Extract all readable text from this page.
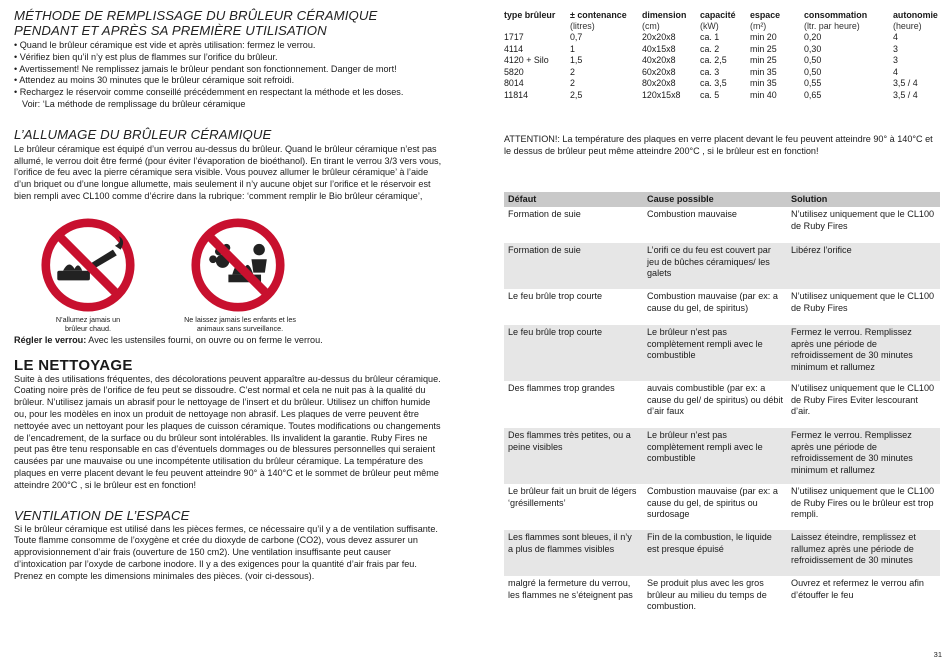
MÉTHODE DE REMPLISSAGE DU BRÛLEUR CÉRAMIQUE PENDANT ET APRÈS SA PREMIÈRE UTILISATION
• Quand le brûleur céramique est vide et après utilisation: fermez le verrou.
• Vérifiez bien qu’il n’y est plus de flammes sur l’orifice du brûleur.
• Avertissement! Ne remplissez jamais le brûleur pendant son fonctionnement. Danger de mort!
• Attendez au moins 30 minutes que le brûleur céramique soit refroidi.
• Rechargez le réservoir comme conseillé précédemment en respectant la méthode et les doses.

Voir: ‘La méthode de remplissage du brûleur céramique

L’ALLUMAGE DU BRÛLEUR CÉRAMIQUE

Le brûleur céramique est équipé d’un verrou au-dessus du brûleur. Quand le brûleur céramique n’est pas allumé, le verrou doit être fermé (pour éviter l’évaporation de bioéthanol). En tirant le verrou 3/3 vers vous, l’orifice de feu avec la pierre céramique sera visible. Vous pouvez allumer le brûleur céramique’ à l’aide d’un briquet ou d’une longue allumette, mais seulement il n’y aucune objet sur l’orifice et le réservoir est bien rempli avec CL100 comme d’écrire dans la rubrique: ‘comment remplir le Bio brûleur céramique’,

N’allumez jamais un
brûleur chaud.
Ne laissez jamais les enfants et les
animaux sans surveillance.

Régler le verrou: Avec les ustensiles fourni, on ouvre ou on ferme le verrou.

LE NETTOYAGE

Suite à des utilisations fréquentes, des décolorations peuvent apparaître au-dessus du brûleur céramique. Coating noire près de l’orifice de feu peut se dissoudre. C’est normal et cela ne nuit pas à la qualité du brûleur. N’utilisez jamais un abrasif pour le nettoyage de l’insert et du brûleur. Utilisez un chiffon humide ou, pour les modèles en inox un produit de nettoyage non abrasif. Les plaques de verre peuvent être nettoyée avec un nettoyant pour les plaques de cuisson céramique. Toutes modifications ou changements de l’encadrement, de la surface ou du brûleur sont intolérables. Ils invalident la garantie. Ruby Fires ne peut pas être tenu responsable en cas d’éventuels dommages ou de blessures personnelles qui seraient causées par une mauvaise ou une incompétente utilisation du brûleur céramique. La température des plaques en verre placent devant le feu peuvent atteindre 90° à 140°C et le sommet de brûleur peut même atteindre 200°C , si le brûleur est en fonction!

VENTILATION DE L’ESPACE

Si le brûleur céramique est utilisé dans les pièces fermes, ce nécessaire qu’il y a de ventilation suffisante. Toute flamme consomme de l’oxygène et crée du dioxyde de carbone (CO2), vous devez assurer un approvisionnement d’air frais (ouverture de 150 cm2). Une ventilation insuffisante peut causer d’intoxication par l’oxyde de carbone inodore. Il y a des exigences pour la quantité d’air frais par feu. Prenez en compte les dimensions minimales des pièces. (voir ci-dessous).

type brûleur	± contenance	dimension	capacité	espace	consommation	autonomie
	(litres)	(cm)	(kW)	(m²)	(ltr. par heure)	(heure)
1717	0,7	20x20x8	ca. 1	min 20	0,20	4
4114	1	40x15x8	ca. 2	min 25	0,30	3
4120 + Silo	1,5	40x20x8	ca. 2,5	min 25	0,50	3
5820	2	60x20x8	ca. 3	min 35	0,50	4
8014	2	80x20x8	ca. 3,5	min 35	0,55	3,5 / 4
11814	2,5	120x15x8	ca. 5	min 40	0,65	3,5 / 4

ATTENTION!: La température des plaques en verre placent devant le feu peuvent atteindre 90° à 140°C et le dessus de brûleur peut même atteindre 200°C , si le brûleur est en fonction!

Défaut	Cause possible	Solution
Formation de suie	Combustion mauvaise	N’utilisez uniquement que le CL100 de Ruby Fires
Formation de suie	L’orifi ce du feu est couvert par jeu de bûches céramiques/ les galets	Libérez l’orifice
Le feu brûle trop courte	Combustion mauvaise (par ex: a cause du gel, de spiritus)	N’utilisez uniquement que le CL100 de Ruby Fires
Le feu brûle trop courte	Le brûleur n’est pas complètement rempli avec le combustible	Fermez le verrou. Remplissez après une période de refroidissement de 30 minutes minimum et rallumez
Des flammes trop grandes	auvais combustible (par ex: a cause du gel/ de spiritus) ou débit d’air faux	N’utilisez uniquement que le CL100 de Ruby Fires Eviter lescourant d’air.
Des flammes très petites, ou a peine visibles	Le brûleur n’est pas complètement rempli avec le combustible	Fermez le verrou. Remplissez après une période de refroidissement de 30 minutes minimum et rallumez
Le brûleur fait un bruit de légers ‘grésillements’	Combustion mauvaise (par ex: a cause du gel, de spiritus ou surdosage	N’utilisez uniquement que le CL100 de Ruby Fires ou le brûleur est trop rempli.
Les flammes sont bleues, il n’y a plus de flammes visibles	Fin de la combustion, le liquide est presque épuisé	Laissez éteindre, remplissez et rallumez après une période de refroidissement de 30 minutes
malgré la fermeture du verrou, les flammes ne s’éteignent pas	Se produit plus avec les gros brûleur au milieu du temps de combustion.	Ouvrez et refermez le verrou afin d’étouffer le feu
31
